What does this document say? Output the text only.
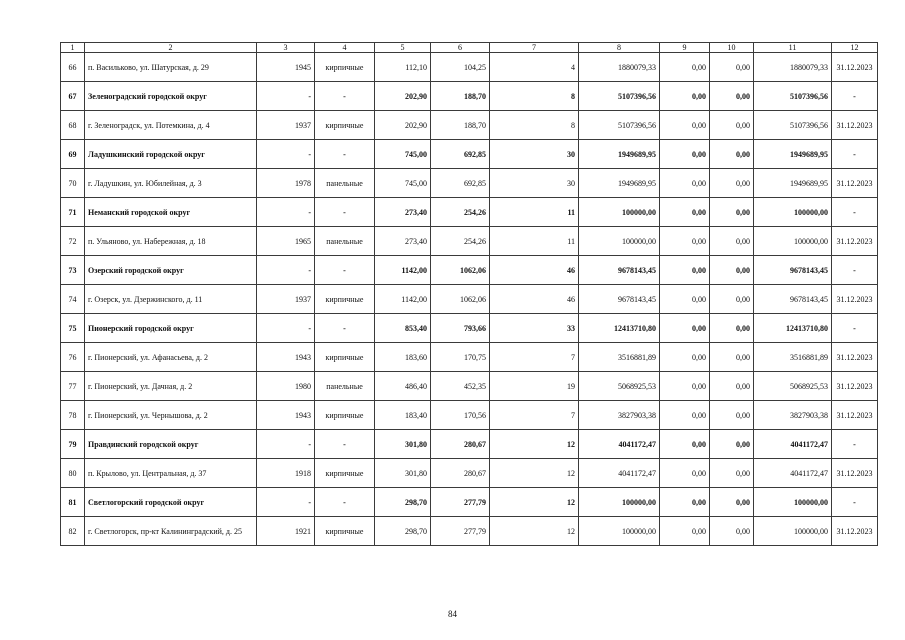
1	2	3	4	5	6	7	8	9	10	11	12
66	п. Васильково, ул. Шатурская, д. 29	1945	кирпичные	112,10	104,25	4	1880079,33	0,00	0,00	1880079,33	31.12.2023
67	Зеленоградский городской округ	-	-	202,90	188,70	8	5107396,56	0,00	0,00	5107396,56	-
68	г. Зеленоградск, ул. Потемкина, д. 4	1937	кирпичные	202,90	188,70	8	5107396,56	0,00	0,00	5107396,56	31.12.2023
69	Ладушкинский городской округ	-	-	745,00	692,85	30	1949689,95	0,00	0,00	1949689,95	-
70	г. Ладушкин, ул. Юбилейная, д. 3	1978	панельные	745,00	692,85	30	1949689,95	0,00	0,00	1949689,95	31.12.2023
71	Неманский городской округ	-	-	273,40	254,26	11	100000,00	0,00	0,00	100000,00	-
72	п. Ульяново, ул. Набережная, д. 18	1965	панельные	273,40	254,26	11	100000,00	0,00	0,00	100000,00	31.12.2023
73	Озерский городской округ	-	-	1142,00	1062,06	46	9678143,45	0,00	0,00	9678143,45	-
74	г. Озерск, ул. Дзержинского, д. 11	1937	кирпичные	1142,00	1062,06	46	9678143,45	0,00	0,00	9678143,45	31.12.2023
75	Пионерский городской округ	-	-	853,40	793,66	33	12413710,80	0,00	0,00	12413710,80	-
76	г. Пионерский, ул. Афанасьева, д. 2	1943	кирпичные	183,60	170,75	7	3516881,89	0,00	0,00	3516881,89	31.12.2023
77	г. Пионерский, ул. Дачная, д. 2	1980	панельные	486,40	452,35	19	5068925,53	0,00	0,00	5068925,53	31.12.2023
78	г. Пионерский, ул. Чернышова, д. 2	1943	кирпичные	183,40	170,56	7	3827903,38	0,00	0,00	3827903,38	31.12.2023
79	Правдинский городской округ	-	-	301,80	280,67	12	4041172,47	0,00	0,00	4041172,47	-
80	п. Крылово, ул. Центральная, д. 37	1918	кирпичные	301,80	280,67	12	4041172,47	0,00	0,00	4041172,47	31.12.2023
81	Светлогорский городской округ	-	-	298,70	277,79	12	100000,00	0,00	0,00	100000,00	-
82	г. Светлогорск, пр-кт Калининградский, д. 25	1921	кирпичные	298,70	277,79	12	100000,00	0,00	0,00	100000,00	31.12.2023
84
